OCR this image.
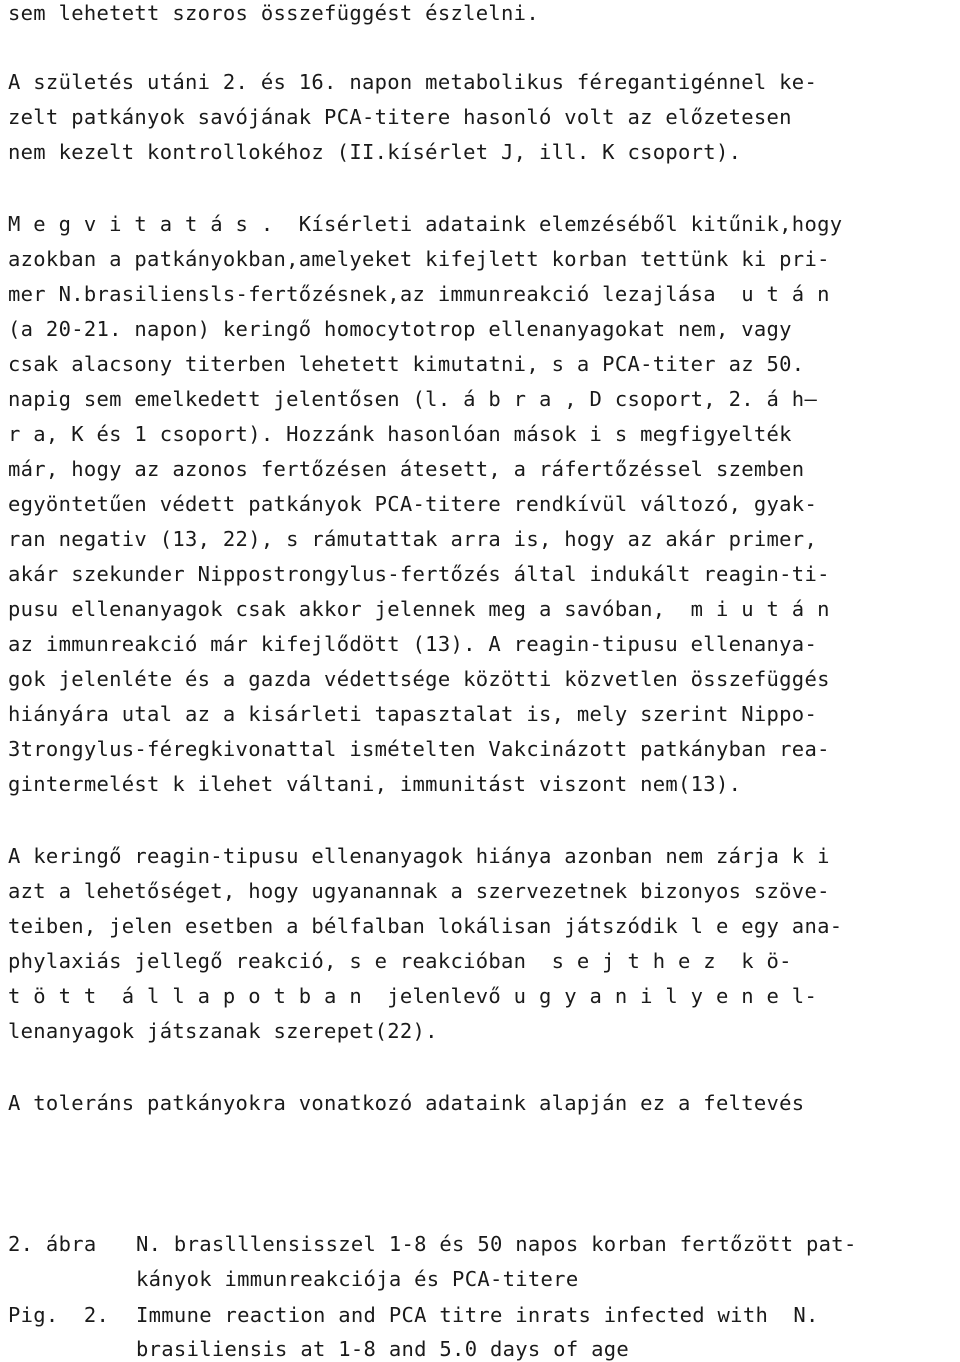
sem lehetett szoros összefüggést észlelni.
A születés utáni 2. és 16. napon metabolikus féregantigénnel ke-
zelt patkányok savójának PCA-titere hasonló volt az előzetesen
nem kezelt kontrollokéhoz (II.kísérlet J, ill. K csoport).
M e g v i t a t á s .  Kísérleti adataink elemzéséből kitűnik,hogy
azokban a patkányokban,amelyeket kifejlett korban tettünk ki pri-
mer N.brasiliensls-fertőzésnek,az immunreakció lezajlása  u t á n
(a 20-21. napon) keringő homocytotrop ellenanyagokat nem, vagy
csak alacsony titerben lehetett kimutatni, s a PCA-titer az 50.
napig sem emelkedett jelentősen (l. á b r a , D csoport, 2. á h—
r a, K és 1 csoport). Hozzánk hasonlóan mások i s megfigyelték
már, hogy az azonos fertőzésen átesett, a ráfertőzéssel szemben
egyöntetűen védett patkányok PCA-titere rendkívül változó, gyak-
ran negativ (13, 22), s rámutattak arra is, hogy az akár primer,
akár szekunder Nippostrongylus-fertőzés által indukált reagin-ti-
pusu ellenanyagok csak akkor jelennek meg a savóban,  m i u t á n
az immunreakció már kifejlődött (13). A reagin-tipusu ellenanya-
gok jelenléte és a gazda védettsége közötti közvetlen összefüggés
hiányára utal az a kisárleti tapasztalat is, mely szerint Nippo-
3trongylus-féregkivonattal ismételten Vakcinázott patkányban rea-
gintermelést k ilehet váltani, immunitást viszont nem(13).
A keringő reagin-tipusu ellenanyagok hiánya azonban nem zárja k i
azt a lehetőséget, hogy ugyanannak a szervezetnek bizonyos szöve-
teiben, jelen esetben a bélfalban lokálisan játszódik l e egy ana-
phylaxiás jellegő reakció, s e reakcióban  s e j t h e z  k ö-
t ö t t  á l l a p o t b a n  jelenlevő u g y a n i l y e n e l-
lenanyagok játszanak szerepet(22).
A toleráns patkányokra vonatkozó adataink alapján ez a feltevés
2. ábra N. braslllensisszel 1-8 és 50 napos korban fertőzött pat-
kányok immunreakciója és PCA-titere
Pig.  2. Immune reaction and PCA titre inrats infected with  N.
brasiliensis at 1-8 and 5.0 days of age
